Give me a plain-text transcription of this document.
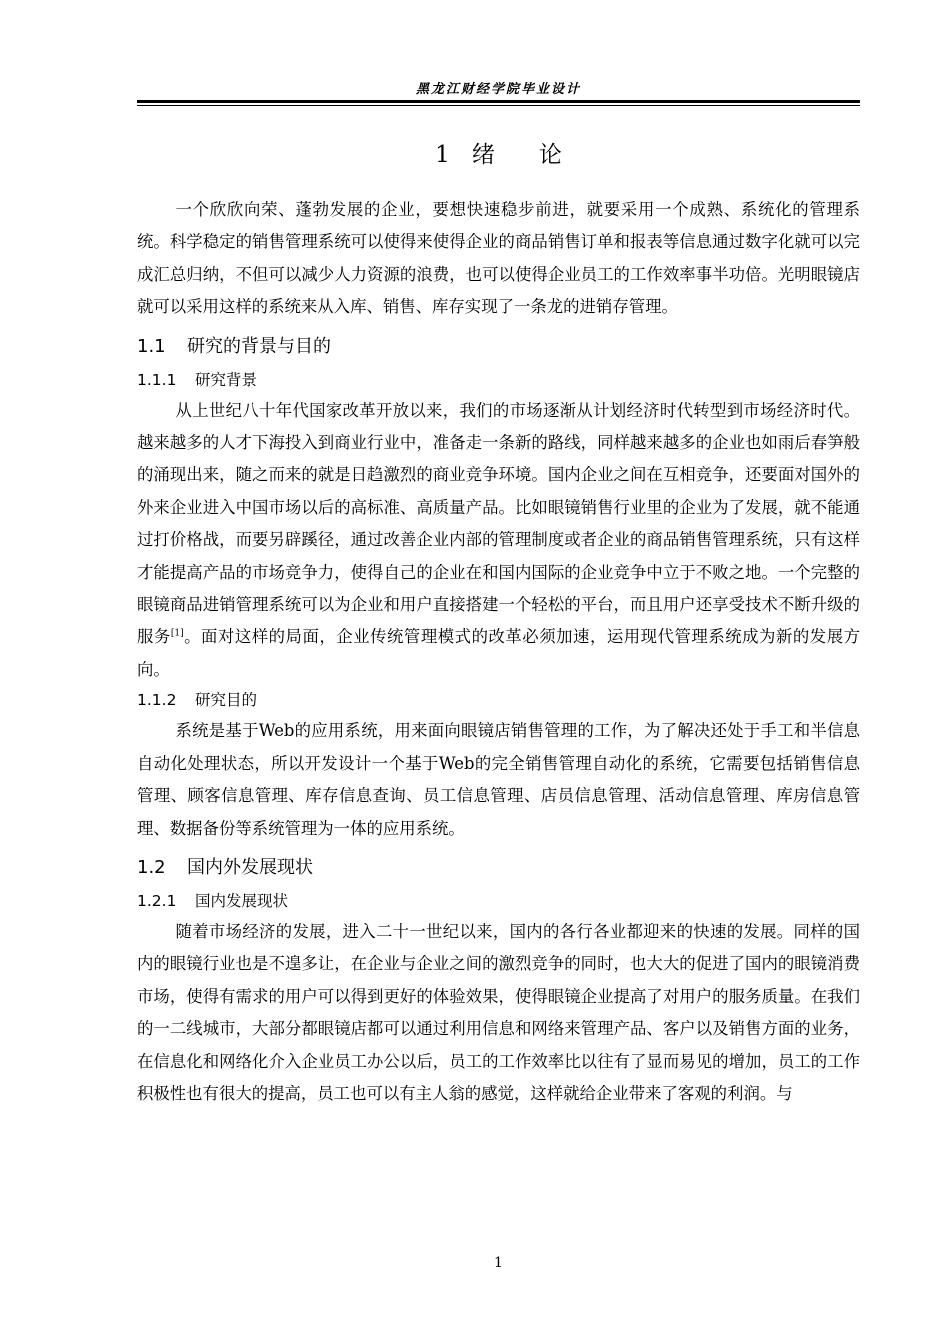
黑龙江财经学院毕业设计
1 绪 论

一个欣欣向荣、蓬勃发展的企业，要想快速稳步前进，就要采用一个成熟、系统化的管理系统。科学稳定的销售管理系统可以使得来使得企业的商品销售订单和报表等信息通过数字化就可以完成汇总归纳，不但可以减少人力资源的浪费，也可以使得企业员工的工作效率事半功倍。光明眼镜店就可以采用这样的系统来从入库、销售、库存实现了一条龙的进销存管理。

1.1 研究的背景与目的
1.1.1 研究背景

从上世纪八十年代国家改革开放以来，我们的市场逐渐从计划经济时代转型到市场经济时代。越来越多的人才下海投入到商业行业中，准备走一条新的路线，同样越来越多的企业也如雨后春笋般的涌现出来，随之而来的就是日趋激烈的商业竞争环境。国内企业之间在互相竞争，还要面对国外的外来企业进入中国市场以后的高标准、高质量产品。比如眼镜销售行业里的企业为了发展，就不能通过打价格战，而要另辟蹊径，通过改善企业内部的管理制度或者企业的商品销售管理系统，只有这样才能提高产品的市场竞争力，使得自己的企业在和国内国际的企业竞争中立于不败之地。一个完整的眼镜商品进销管理系统可以为企业和用户直接搭建一个轻松的平台，而且用户还享受技术不断升级的服务[1]。面对这样的局面，企业传统管理模式的改革必须加速，运用现代管理系统成为新的发展方向。

1.1.2 研究目的

系统是基于Web的应用系统，用来面向眼镜店销售管理的工作，为了解决还处于手工和半信息自动化处理状态，所以开发设计一个基于Web的完全销售管理自动化的系统，它需要包括销售信息管理、顾客信息管理、库存信息查询、员工信息管理、店员信息管理、活动信息管理、库房信息管理、数据备份等系统管理为一体的应用系统。

1.2 国内外发展现状
1.2.1 国内发展现状

随着市场经济的发展，进入二十一世纪以来，国内的各行各业都迎来的快速的发展。同样的国内的眼镜行业也是不遑多让，在企业与企业之间的激烈竞争的同时，也大大的促进了国内的眼镜消费市场，使得有需求的用户可以得到更好的体验效果，使得眼镜企业提高了对用户的服务质量。在我们的一二线城市，大部分都眼镜店都可以通过利用信息和网络来管理产品、客户以及销售方面的业务，在信息化和网络化介入企业员工办公以后，员工的工作效率比以往有了显而易见的增加，员工的工作积极性也有很大的提高，员工也可以有主人翁的感觉，这样就给企业带来了客观的利润。与

1
